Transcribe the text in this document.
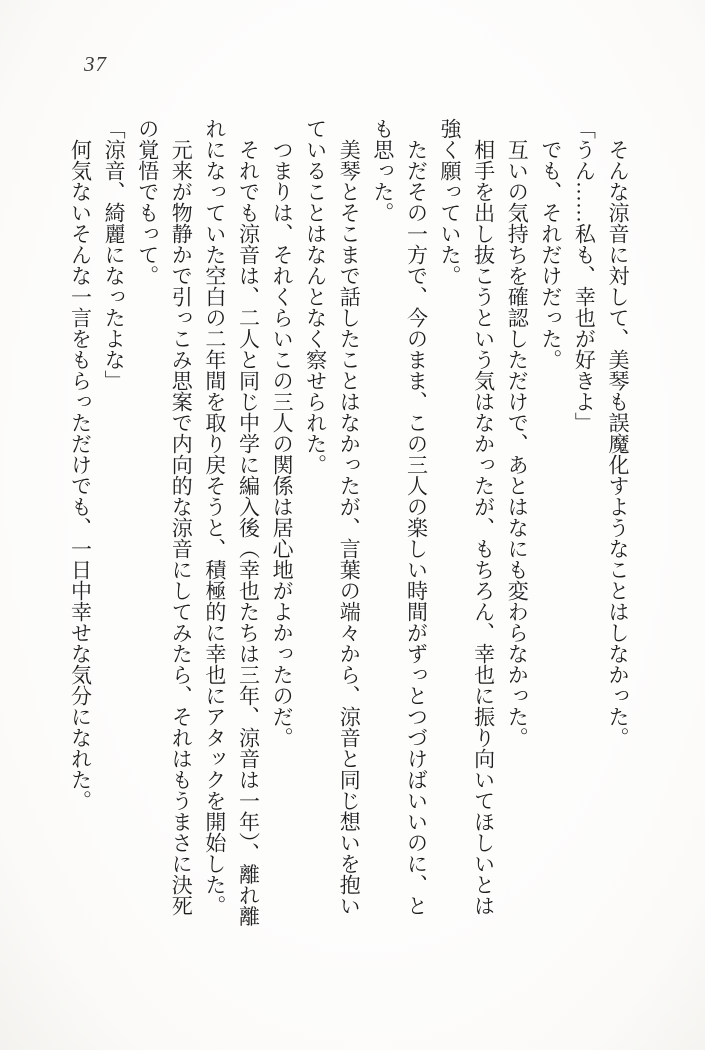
37
そんな涼音に対して、美琴も誤魔化すようなことはしなかった。
「うん……私も、幸也が好きよ」
でも、それだけだった。
互いの気持ちを確認しただけで、あとはなにも変わらなかった。
相手を出し抜こうという気はなかったが、もちろん、幸也に振り向いてほしいとは
強く願っていた。
ただその一方で、今のまま、この三人の楽しい時間がずっとつづけばいいのに、と
も思った。
美琴とそこまで話したことはなかったが、言葉の端々から、涼音と同じ想いを抱い
ていることはなんとなく察せられた。
つまりは、それくらいこの三人の関係は居心地がよかったのだ。
それでも涼音は、二人と同じ中学に編入後（幸也たちは三年、涼音は一年）、離れ離
れになっていた空白の二年間を取り戻そうと、積極的に幸也にアタックを開始した。
元来が物静かで引っこみ思案で内向的な涼音にしてみたら、それはもうまさに決死
の覚悟でもって。
「涼音、綺麗になったよな」
何気ないそんな一言をもらっただけでも、一日中幸せな気分になれた。
